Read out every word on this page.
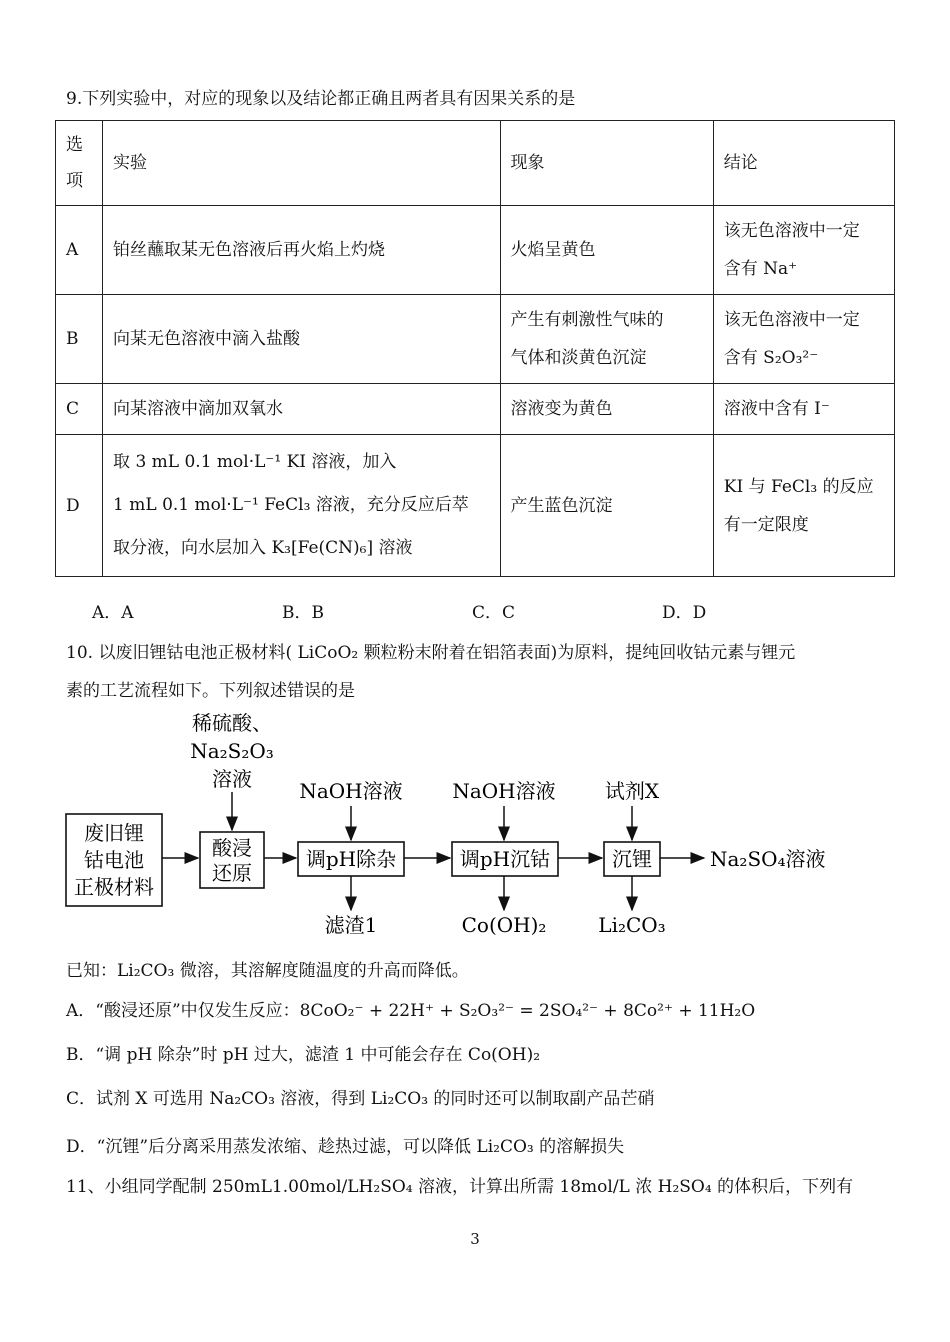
9.下列实验中，对应的现象以及结论都正确且两者具有因果关系的是
选
项	实验	现象	结论
A	铂丝蘸取某无色溶液后再火焰上灼烧	火焰呈黄色	该无色溶液中一定
含有 Na⁺
B	向某无色溶液中滴入盐酸	产生有刺激性气味的
气体和淡黄色沉淀	该无色溶液中一定
含有 S₂O₃²⁻
C	向某溶液中滴加双氧水	溶液变为黄色	溶液中含有 I⁻
D	取 3 mL 0.1 mol·L⁻¹ KI 溶液，加入
1 mL 0.1 mol·L⁻¹ FeCl₃ 溶液，充分反应后萃
取分液，向水层加入 K₃[Fe(CN)₆] 溶液	产生蓝色沉淀	KI 与 FeCl₃ 的反应
有一定限度
A．A	B．B	C．C	D．D
10. 以废旧锂钴电池正极材料( LiCoO₂ 颗粒粉末附着在铝箔表面)为原料，提纯回收钴元素与锂元
素的工艺流程如下。下列叙述错误的是
废旧锂
钴电池
正极材料
稀硫酸、
Na₂S₂O₃
溶液
酸浸
还原
NaOH溶液
调pH除杂
滤渣1
NaOH溶液
调pH沉钴
Co(OH)₂
试剂X
沉锂
Li₂CO₃
Na₂SO₄溶液
已知：Li₂CO₃ 微溶，其溶解度随温度的升高而降低。
A．“酸浸还原”中仅发生反应：8CoO₂⁻ + 22H⁺ + S₂O₃²⁻ = 2SO₄²⁻ + 8Co²⁺ + 11H₂O
B．“调 pH 除杂”时 pH 过大，滤渣 1 中可能会存在 Co(OH)₂
C．试剂 X 可选用 Na₂CO₃ 溶液，得到 Li₂CO₃ 的同时还可以制取副产品芒硝
D．“沉锂”后分离采用蒸发浓缩、趁热过滤，可以降低 Li₂CO₃ 的溶解损失
11、小组同学配制 250mL1.00mol/LH₂SO₄ 溶液，计算出所需 18mol/L 浓 H₂SO₄ 的体积后，下列有
3
